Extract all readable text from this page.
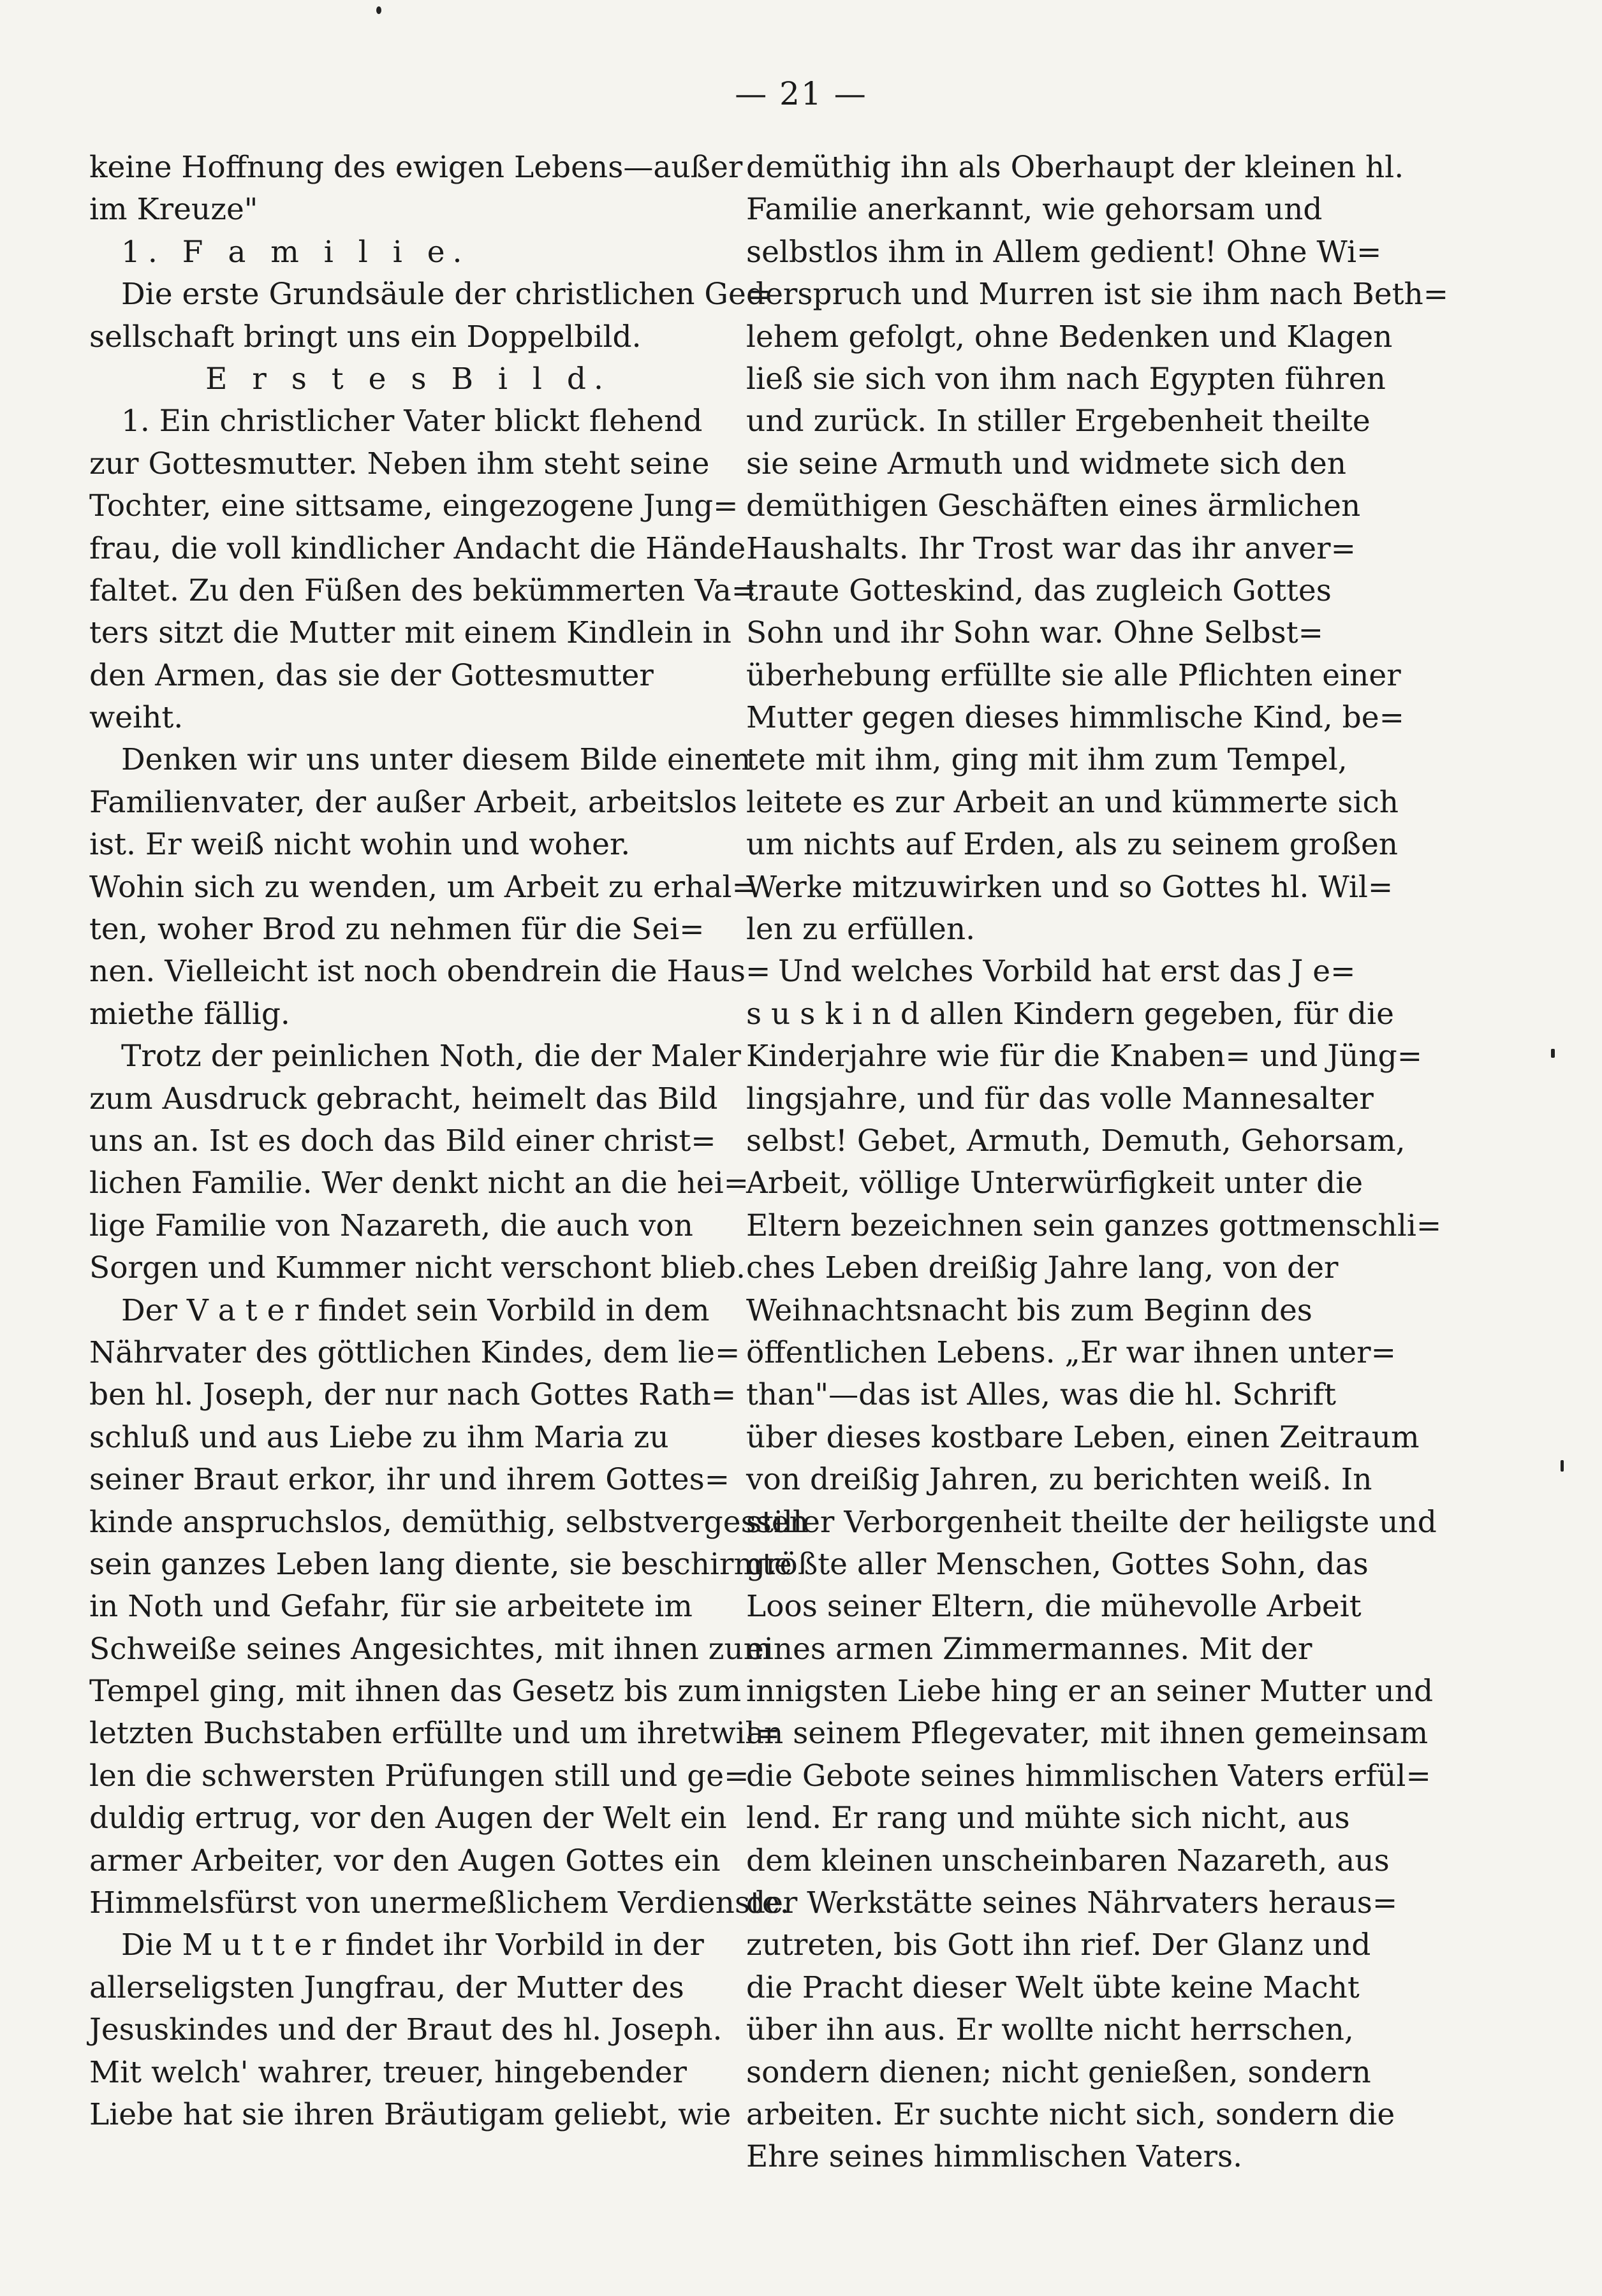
— 21 —
keine Hoffnung des ewigen Lebens—außer
im Kreuze"
1. F a m i l i e.
Die erste Grundsäule der christlichen Ge=
sellschaft bringt uns ein Doppelbild.
E r s t e s B i l d.
1. Ein christlicher Vater blickt flehend
zur Gottesmutter. Neben ihm steht seine
Tochter, eine sittsame, eingezogene Jung=
frau, die voll kindlicher Andacht die Hände
faltet. Zu den Füßen des bekümmerten Va=
ters sitzt die Mutter mit einem Kindlein in
den Armen, das sie der Gottesmutter
weiht.
Denken wir uns unter diesem Bilde einen
Familienvater, der außer Arbeit, arbeitslos
ist. Er weiß nicht wohin und woher.
Wohin sich zu wenden, um Arbeit zu erhal=
ten, woher Brod zu nehmen für die Sei=
nen. Vielleicht ist noch obendrein die Haus=
miethe fällig.
Trotz der peinlichen Noth, die der Maler
zum Ausdruck gebracht, heimelt das Bild
uns an. Ist es doch das Bild einer christ=
lichen Familie. Wer denkt nicht an die hei=
lige Familie von Nazareth, die auch von
Sorgen und Kummer nicht verschont blieb.
Der V a t e r findet sein Vorbild in dem
Nährvater des göttlichen Kindes, dem lie=
ben hl. Joseph, der nur nach Gottes Rath=
schluß und aus Liebe zu ihm Maria zu
seiner Braut erkor, ihr und ihrem Gottes=
kinde anspruchslos, demüthig, selbstvergessen
sein ganzes Leben lang diente, sie beschirmte
in Noth und Gefahr, für sie arbeitete im
Schweiße seines Angesichtes, mit ihnen zum
Tempel ging, mit ihnen das Gesetz bis zum
letzten Buchstaben erfüllte und um ihretwil=
len die schwersten Prüfungen still und ge=
duldig ertrug, vor den Augen der Welt ein
armer Arbeiter, vor den Augen Gottes ein
Himmelsfürst von unermeßlichem Verdienste.
Die M u t t e r findet ihr Vorbild in der
allerseligsten Jungfrau, der Mutter des
Jesuskindes und der Braut des hl. Joseph.
Mit welch' wahrer, treuer, hingebender
Liebe hat sie ihren Bräutigam geliebt, wie
demüthig ihn als Oberhaupt der kleinen hl.
Familie anerkannt, wie gehorsam und
selbstlos ihm in Allem gedient! Ohne Wi=
derspruch und Murren ist sie ihm nach Beth=
lehem gefolgt, ohne Bedenken und Klagen
ließ sie sich von ihm nach Egypten führen
und zurück. In stiller Ergebenheit theilte
sie seine Armuth und widmete sich den
demüthigen Geschäften eines ärmlichen
Haushalts. Ihr Trost war das ihr anver=
traute Gotteskind, das zugleich Gottes
Sohn und ihr Sohn war. Ohne Selbst=
überhebung erfüllte sie alle Pflichten einer
Mutter gegen dieses himmlische Kind, be=
tete mit ihm, ging mit ihm zum Tempel,
leitete es zur Arbeit an und kümmerte sich
um nichts auf Erden, als zu seinem großen
Werke mitzuwirken und so Gottes hl. Wil=
len zu erfüllen.
Und welches Vorbild hat erst das J e=
s u s k i n d allen Kindern gegeben, für die
Kinderjahre wie für die Knaben= und Jüng=
lingsjahre, und für das volle Mannesalter
selbst! Gebet, Armuth, Demuth, Gehorsam,
Arbeit, völlige Unterwürfigkeit unter die
Eltern bezeichnen sein ganzes gottmenschli=
ches Leben dreißig Jahre lang, von der
Weihnachtsnacht bis zum Beginn des
öffentlichen Lebens. „Er war ihnen unter=
than"—das ist Alles, was die hl. Schrift
über dieses kostbare Leben, einen Zeitraum
von dreißig Jahren, zu berichten weiß. In
stiller Verborgenheit theilte der heiligste und
größte aller Menschen, Gottes Sohn, das
Loos seiner Eltern, die mühevolle Arbeit
eines armen Zimmermannes. Mit der
innigsten Liebe hing er an seiner Mutter und
an seinem Pflegevater, mit ihnen gemeinsam
die Gebote seines himmlischen Vaters erfül=
lend. Er rang und mühte sich nicht, aus
dem kleinen unscheinbaren Nazareth, aus
der Werkstätte seines Nährvaters heraus=
zutreten, bis Gott ihn rief. Der Glanz und
die Pracht dieser Welt übte keine Macht
über ihn aus. Er wollte nicht herrschen,
sondern dienen; nicht genießen, sondern
arbeiten. Er suchte nicht sich, sondern die
Ehre seines himmlischen Vaters.
